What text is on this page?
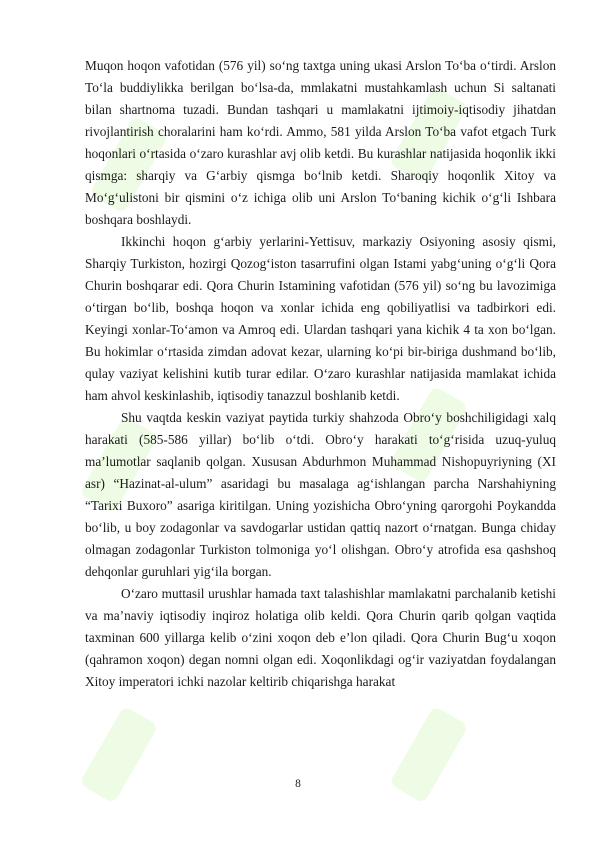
Muqon hoqon vafotidan (576 yil) so‘ng taxtga uning ukasi Arslon To‘ba o‘tirdi. Arslon To‘la buddiylikka berilgan bo‘lsa-da, mmlakatni mustahkamlash uchun Si saltanati bilan shartnoma tuzadi. Bundan tashqari u mamlakatni ijtimoiy-iqtisodiy jihatdan rivojlantirish choralarini ham ko‘rdi. Ammo, 581 yilda Arslon To‘ba vafot etgach Turk hoqonlari o‘rtasida o‘zaro kurashlar avj olib ketdi. Bu kurashlar natijasida hoqonlik ikki qismga: sharqiy va G‘arbiy qismga bo‘lnib ketdi. Sharoqiy hoqonlik Xitoy va Mo‘g‘ulistoni bir qismini o‘z ichiga olib uni Arslon To‘baning kichik o‘g‘li Ishbara boshqara boshlaydi.

Ikkinchi hoqon g‘arbiy yerlarini-Yettisuv, markaziy Osiyoning asosiy qismi, Sharqiy Turkiston, hozirgi Qozog‘iston tasarrufini olgan Istami yabg‘uning o‘g‘li Qora Churin boshqarar edi. Qora Churin Istamining vafotidan (576 yil) so‘ng bu lavozimiga o‘tirgan bo‘lib, boshqa hoqon va xonlar ichida eng qobiliyatlisi va tadbirkori edi. Keyingi xonlar-To‘amon va Amroq edi. Ulardan tashqari yana kichik 4 ta xon bo‘lgan. Bu hokimlar o‘rtasida zimdan adovat kezar, ularning ko‘pi bir-biriga dushmand bo‘lib, qulay vaziyat kelishini kutib turar edilar. O‘zaro kurashlar natijasida mamlakat ichida ham ahvol keskinlashib, iqtisodiy tanazzul boshlanib ketdi.

Shu vaqtda keskin vaziyat paytida turkiy shahzoda Obro‘y boshchiligidagi xalq harakati (585-586 yillar) bo‘lib o‘tdi. Obro‘y harakati to‘g‘risida uzuq-yuluq ma’lumotlar saqlanib qolgan. Xususan Abdurhmon Muhammad Nishopuyriyning (XI asr) “Hazinat-al-ulum” asaridagi bu masalaga ag‘ishlangan parcha Narshahiyning “Tarixi Buxoro” asariga kiritilgan. Uning yozishicha Obro‘yning qarorgohi Poykandda bo‘lib, u boy zodagonlar va savdogarlar ustidan qattiq nazort o‘rnatgan. Bunga chiday olmagan zodagonlar Turkiston tolmoniga yo‘l olishgan. Obro‘y atrofida esa qashshoq dehqonlar guruhlari yig‘ila borgan.

O‘zaro muttasil urushlar hamada taxt talashishlar mamlakatni parchalanib ketishi va ma’naviy iqtisodiy inqiroz holatiga olib keldi. Qora Churin qarib qolgan vaqtida taxminan 600 yillarga kelib o‘zini xoqon deb e’lon qiladi. Qora Churin Bug‘u xoqon (qahramon xoqon) degan nomni olgan edi. Xoqonlikdagi og‘ir vaziyatdan foydalangan Xitoy imperatori ichki nazolar keltirib chiqarishga harakat

8
